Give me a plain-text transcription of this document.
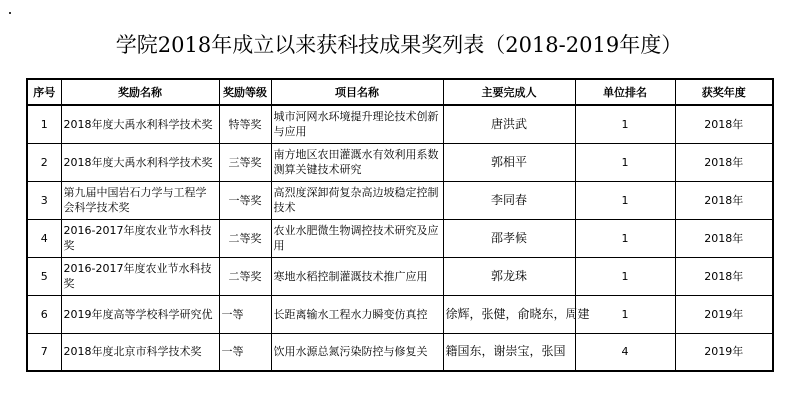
学院2018年成立以来获科技成果奖列表（2018-2019年度）
序号	奖励名称	奖励等级	项目名称	主要完成人	单位排名	获奖年度
1	2018年度大禹水利科学技术奖	特等奖	城市河网水环境提升理论技术创新与应用	唐洪武	1	2018年
2	2018年度大禹水利科学技术奖	三等奖	南方地区农田灌溉水有效利用系数测算关键技术研究	郭相平	1	2018年
3	第九届中国岩石力学与工程学会科学技术奖	一等奖	高烈度深卸荷复杂高边坡稳定控制技术	李同春	1	2018年
4	2016-2017年度农业节水科技奖	二等奖	农业水肥微生物调控技术研究及应用	邵孝候	1	2018年
5	2016-2017年度农业节水科技奖	二等奖	寒地水稻控制灌溉技术推广应用	郭龙珠	1	2018年
6	2019年度高等学校科学研究优	一等	长距离输水工程水力瞬变仿真控	徐辉，张健，俞晓东，周建	1	2019年
7	2018年度北京市科学技术奖	一等	饮用水源总氮污染防控与修复关	籍国东，谢崇宝，张国	4	2019年
